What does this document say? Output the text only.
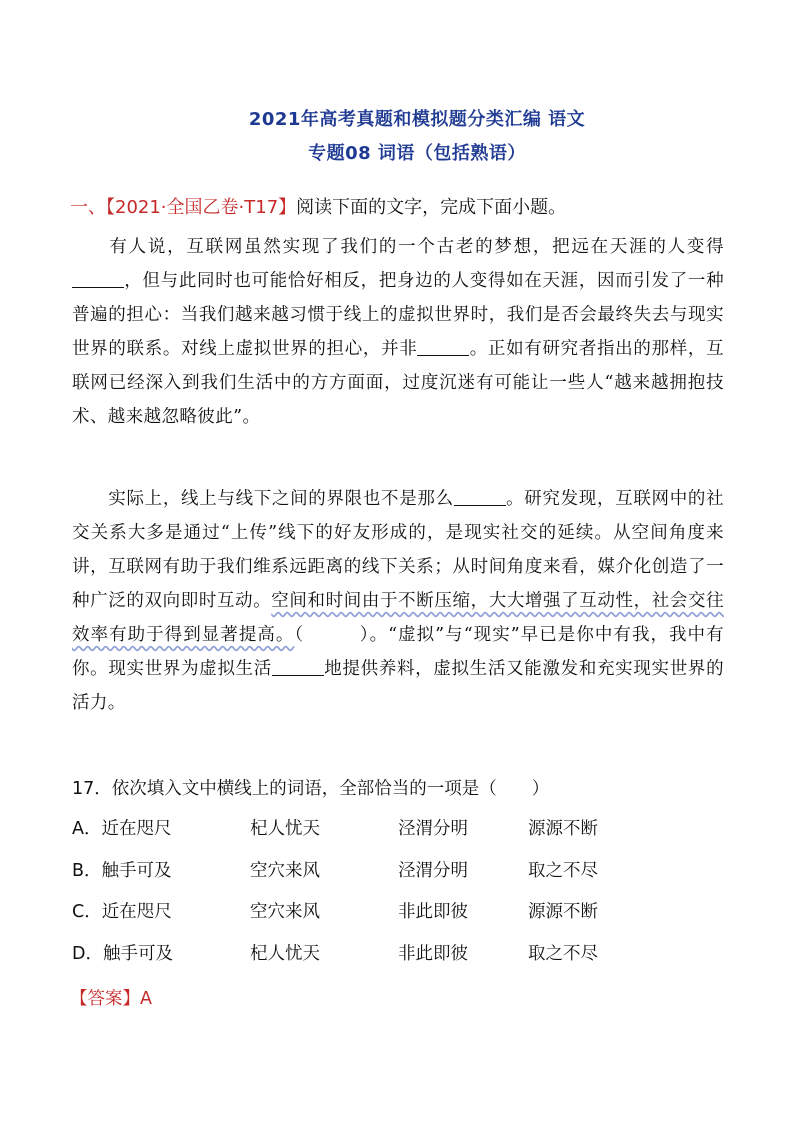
2021年高考真题和模拟题分类汇编 语文
专题08 词语（包括熟语）
一、【2021·全国乙卷·T17】阅读下面的文字，完成下面小题。
有人说，互联网虽然实现了我们的一个古老的梦想，把远在天涯的人变得，但与此同时也可能恰好相反，把身边的人变得如在天涯，因而引发了一种普遍的担心：当我们越来越习惯于线上的虚拟世界时，我们是否会最终失去与现实世界的联系。对线上虚拟世界的担心，并非	。正如有研究者指出的那样，互联网已经深入到我们生活中的方方面面，过度沉迷有可能让一些人“越来越拥抱技术、越来越忽略彼此”。
实际上，线上与线下之间的界限也不是那么	。研究发现，互联网中的社交关系大多是通过“上传”线下的好友形成的，是现实社交的延续。从空间角度来讲，互联网有助于我们维系远距离的线下关系；从时间角度来看，媒介化创造了一种广泛的双向即时互动。空间和时间由于不断压缩，大大增强了互动性，社会交往效率有助于得到显著提高。（　　　）。“虚拟”与“现实”早已是你中有我，我中有你。现实世界为虚拟生活	地提供养料，虚拟生活又能激发和充实现实世界的活力。
17．依次填入文中横线上的词语，全部恰当的一项是（　　）
A．近在咫尺	杞人忧天	泾渭分明	源源不断
B．触手可及	空穴来风	泾渭分明	取之不尽
C．近在咫尺	空穴来风	非此即彼	源源不断
D．触手可及	杞人忧天	非此即彼	取之不尽
【答案】A
